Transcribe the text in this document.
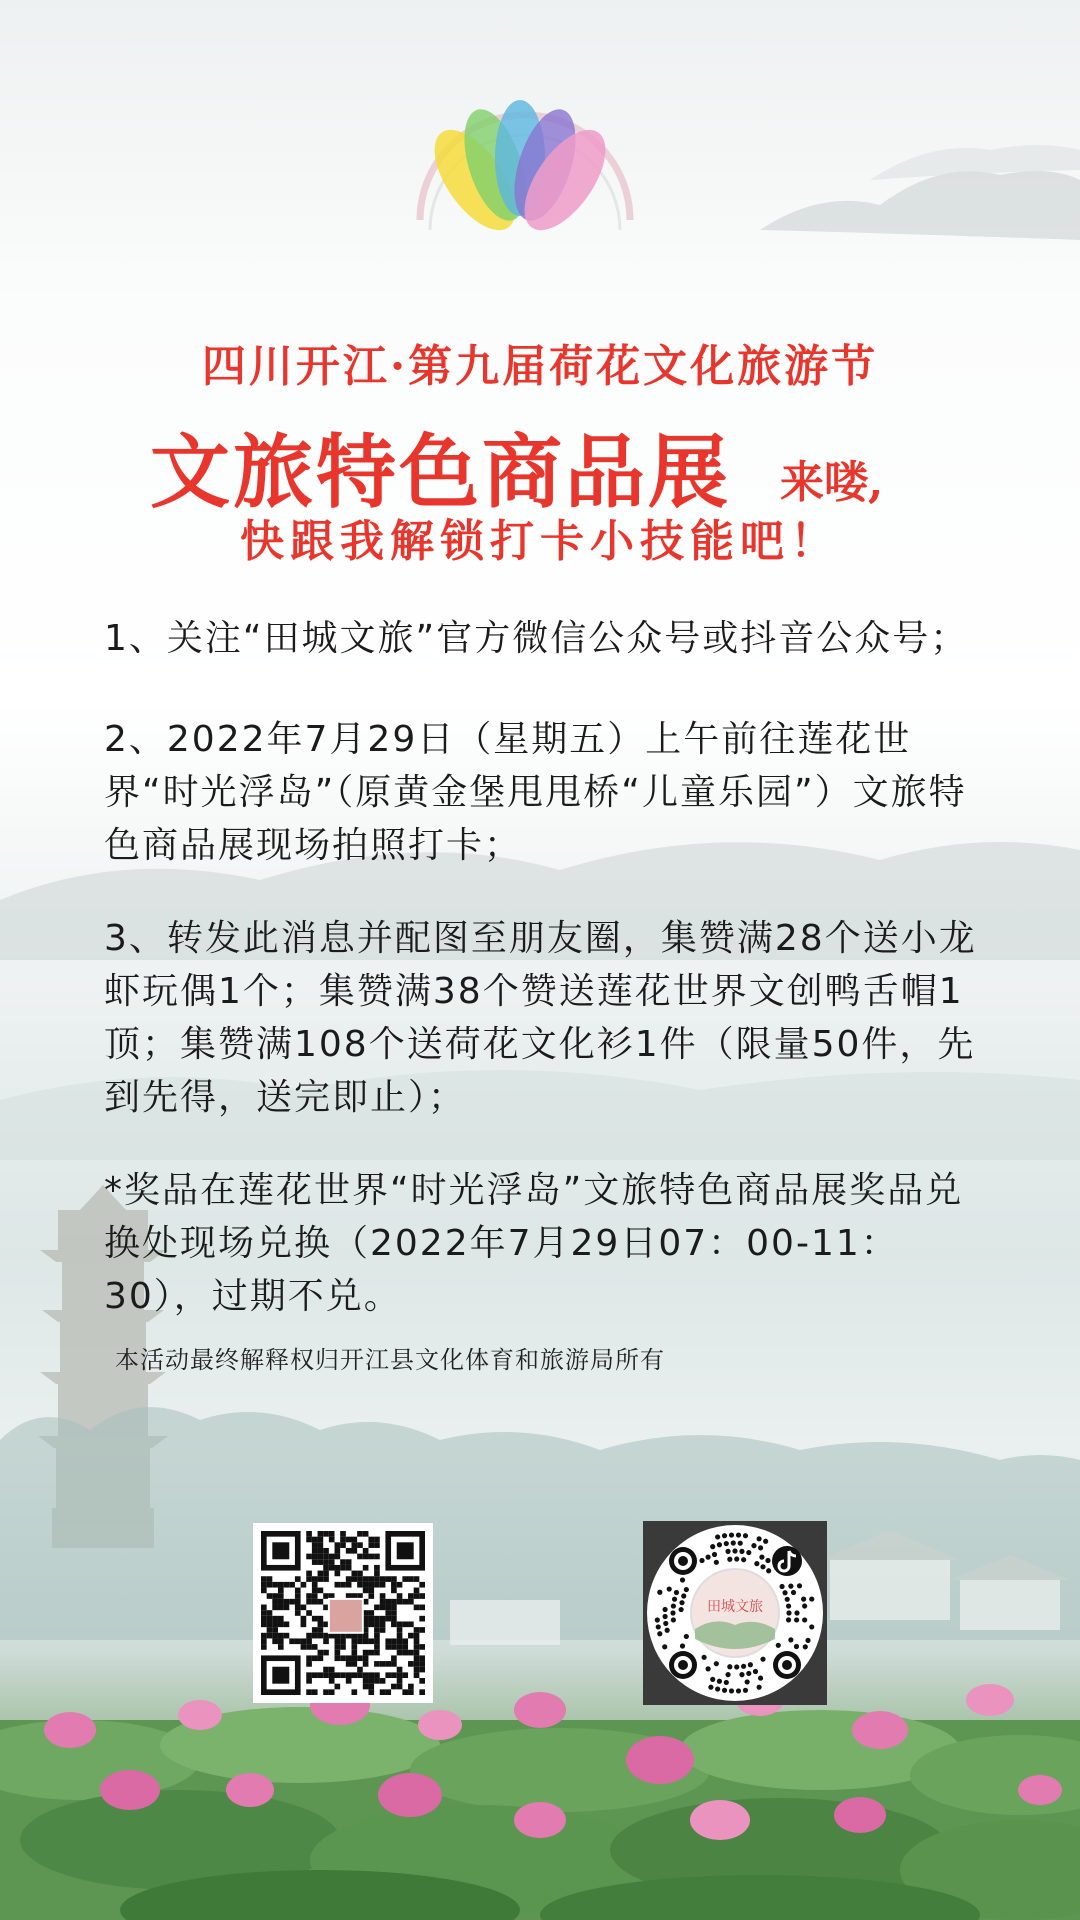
四川开江·第九届荷花文化旅游节
文旅特色商品展 来喽,
快跟我解锁打卡小技能吧！
1、关注“田城文旅”官方微信公众号或抖音公众号；
2、2022年7月29日（星期五）上午前往莲花世界“时光浮岛”（原黄金堡甩甩桥“儿童乐园”）文旅特色商品展现场拍照打卡；
3、转发此消息并配图至朋友圈，集赞满28个送小龙虾玩偶1个；集赞满38个赞送莲花世界文创鸭舌帽1顶；集赞满108个送荷花文化衫1件（限量50件，先到先得，送完即止）；
*奖品在莲花世界“时光浮岛”文旅特色商品展奖品兑换处现场兑换（2022年7月29日07：00-11：30），过期不兑。
本活动最终解释权归开江县文化体育和旅游局所有
田城文旅
